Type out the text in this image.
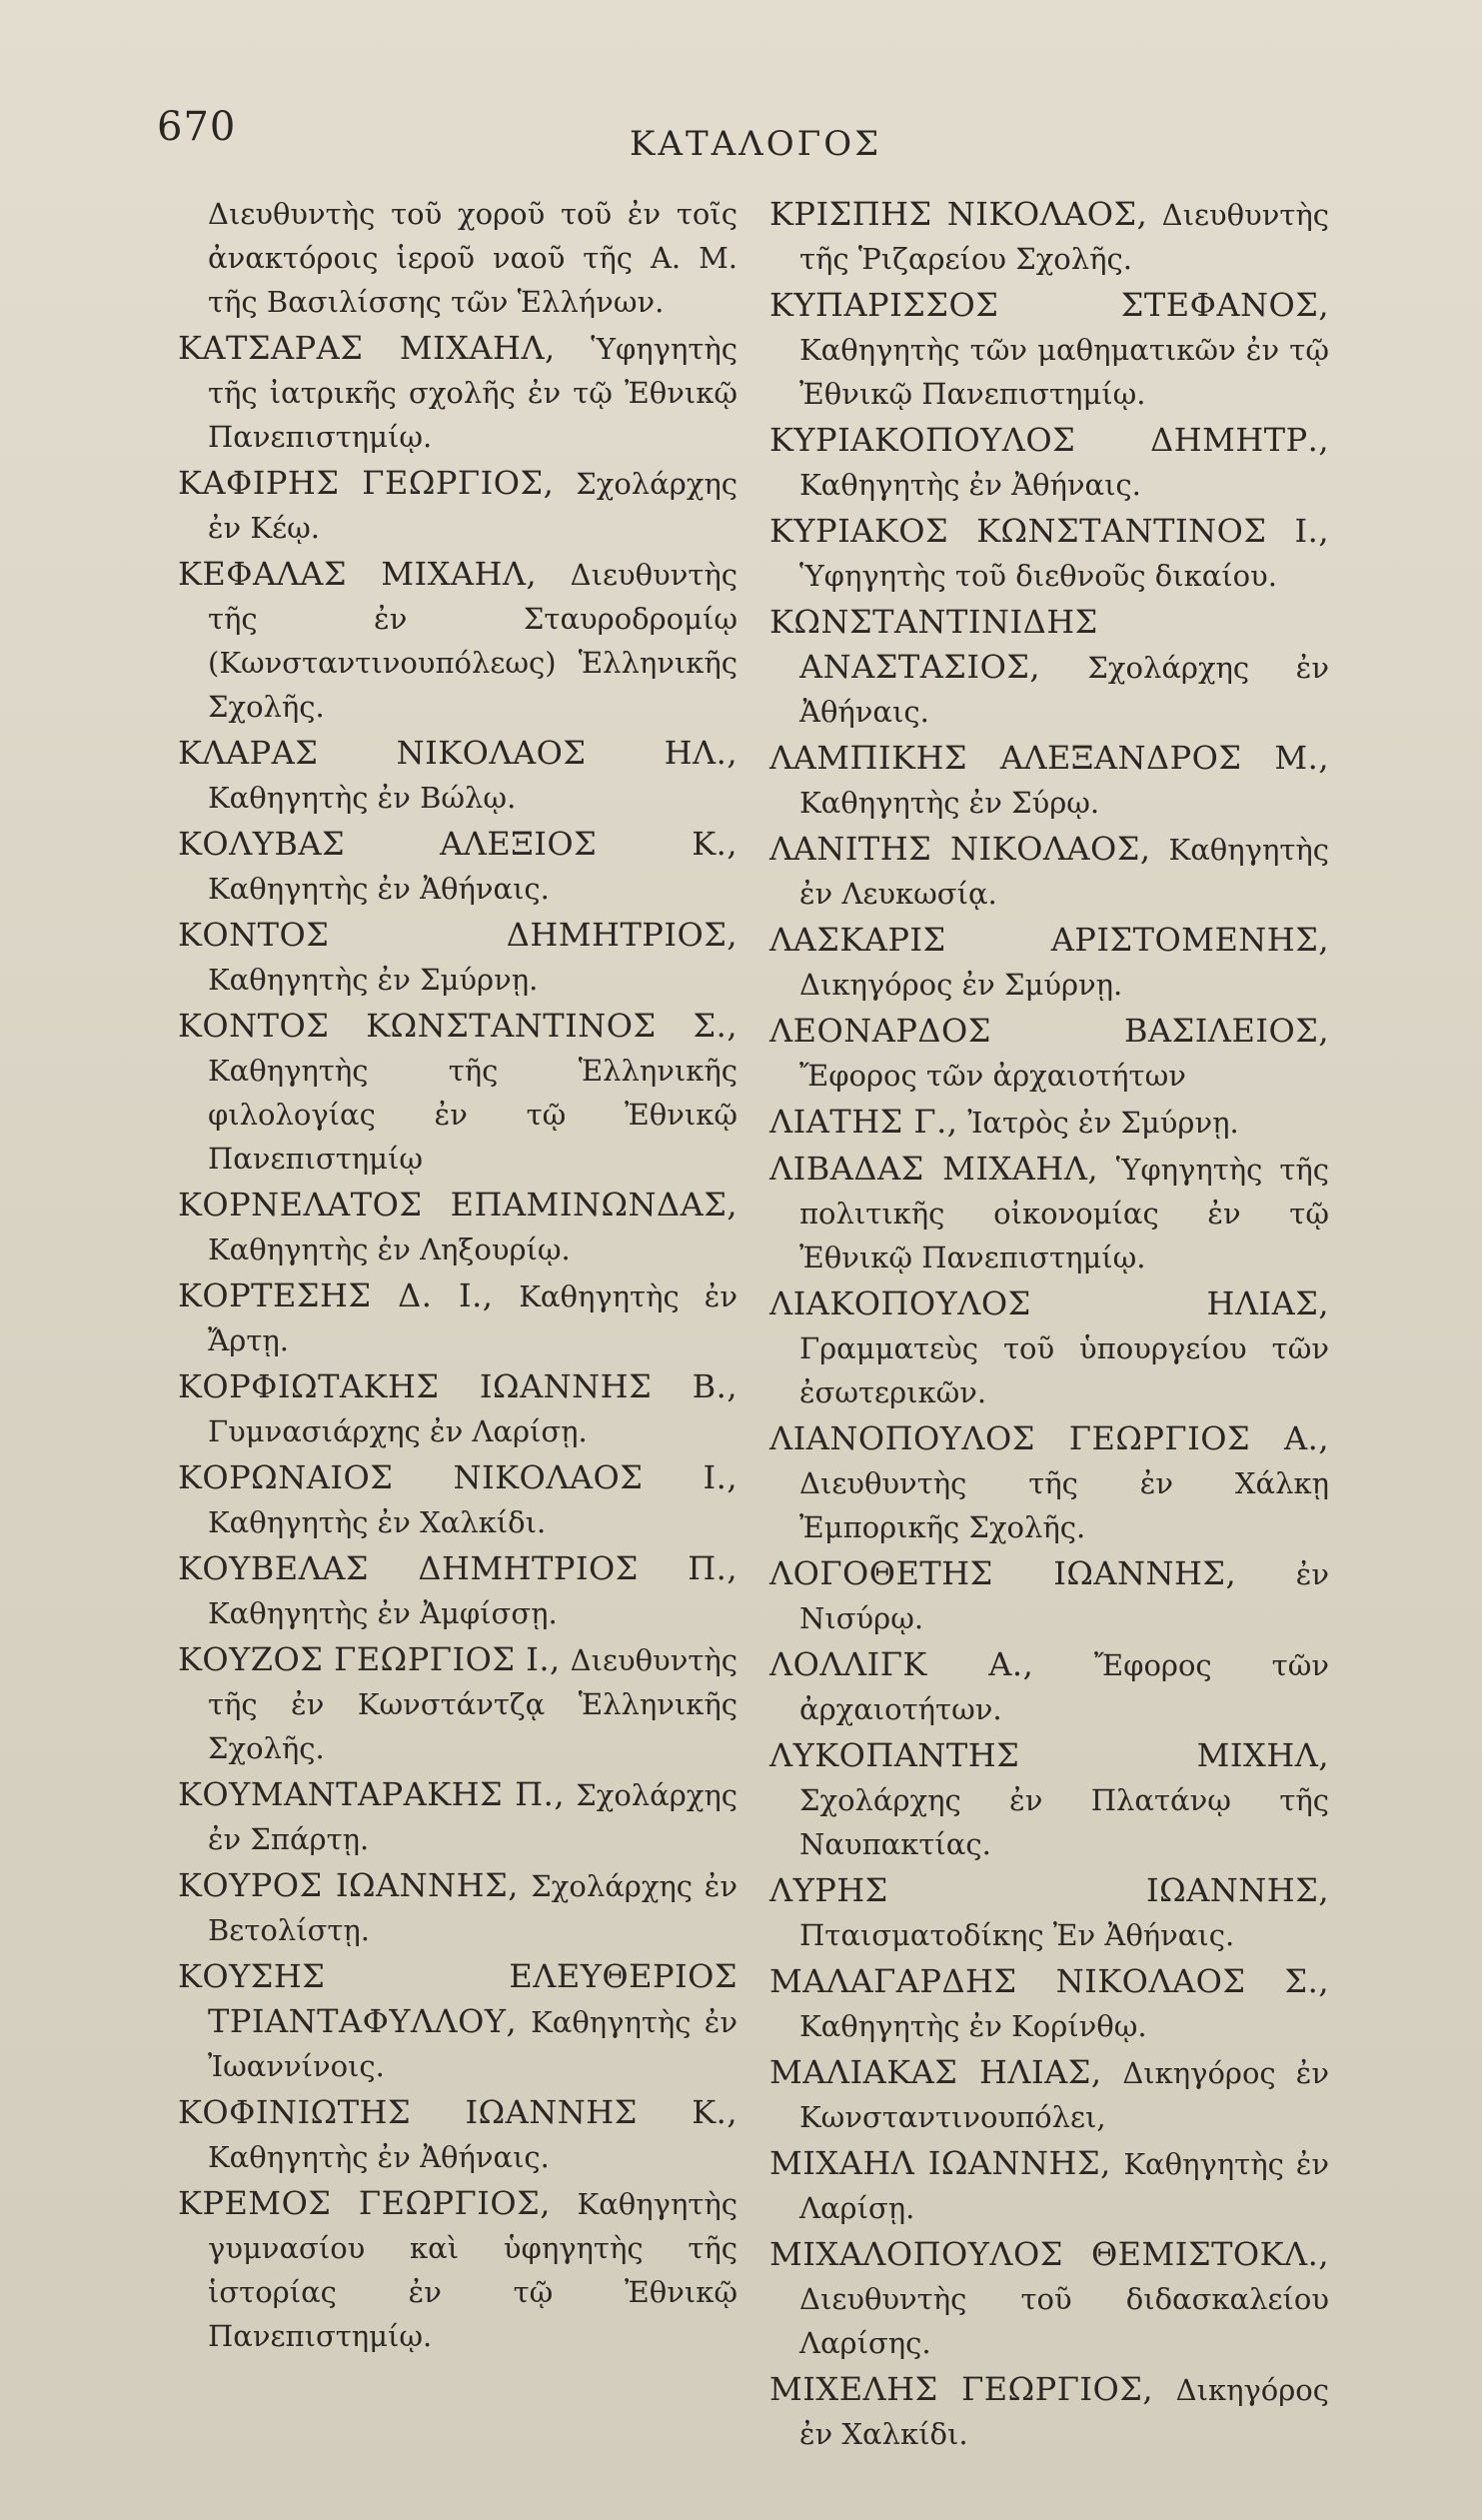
670	ΚΑΤΑΛΟΓΟΣ

Διευθυντὴς τοῦ χοροῦ τοῦ ἐν τοῖς ἀνακτόροις ἱεροῦ ναοῦ τῆς Α. Μ. τῆς Βασιλίσσης τῶν Ἑλλήνων.

ΚΑΤΣΑΡΑΣ ΜΙΧΑΗΛ, Ὑφηγητὴς τῆς ἰατρικῆς σχολῆς ἐν τῷ Ἐθνικῷ Πανεπιστημίῳ.

ΚΑΦΙΡΗΣ ΓΕΩΡΓΙΟΣ, Σχολάρχης ἐν Κέῳ.

ΚΕΦΑΛΑΣ ΜΙΧΑΗΛ, Διευθυντὴς τῆς ἐν Σταυροδρομίῳ (Κωνσταντινουπόλεως) Ἑλληνικῆς Σχολῆς.

ΚΛΑΡΑΣ ΝΙΚΟΛΑΟΣ ΗΛ., Καθηγητὴς ἐν Βώλῳ.

ΚΟΛΥΒΑΣ ΑΛΕΞΙΟΣ Κ., Καθηγητὴς ἐν Ἀθήναις.

ΚΟΝΤΟΣ ΔΗΜΗΤΡΙΟΣ, Καθηγητὴς ἐν Σμύρνῃ.

ΚΟΝΤΟΣ ΚΩΝΣΤΑΝΤΙΝΟΣ Σ., Καθηγητὴς τῆς Ἑλληνικῆς φιλολογίας ἐν τῷ Ἐθνικῷ Πανεπιστημίῳ

ΚΟΡΝΕΛΑΤΟΣ ΕΠΑΜΙΝΩΝΔΑΣ, Καθηγητὴς ἐν Ληξουρίῳ.

ΚΟΡΤΕΣΗΣ Δ. Ι., Καθηγητὴς ἐν Ἄρτῃ.

ΚΟΡΦΙΩΤΑΚΗΣ ΙΩΑΝΝΗΣ Β., Γυμνασιάρχης ἐν Λαρίσῃ.

ΚΟΡΩΝΑΙΟΣ ΝΙΚΟΛΑΟΣ Ι., Καθηγητὴς ἐν Χαλκίδι.

ΚΟΥΒΕΛΑΣ ΔΗΜΗΤΡΙΟΣ Π., Καθηγητὴς ἐν Ἀμφίσσῃ.

ΚΟΥΖΟΣ ΓΕΩΡΓΙΟΣ Ι., Διευθυντὴς τῆς ἐν Κωνστάντζᾳ Ἑλληνικῆς Σχολῆς.

ΚΟΥΜΑΝΤΑΡΑΚΗΣ Π., Σχολάρχης ἐν Σπάρτῃ.

ΚΟΥΡΟΣ ΙΩΑΝΝΗΣ, Σχολάρχης ἐν Βετολίστῃ.

ΚΟΥΣΗΣ ΕΛΕΥΘΕΡΙΟΣ ΤΡΙΑΝΤΑΦΥΛΛΟΥ, Καθηγητὴς ἐν Ἰωαννίνοις.

ΚΟΦΙΝΙΩΤΗΣ ΙΩΑΝΝΗΣ Κ., Καθηγητὴς ἐν Ἀθήναις.

ΚΡΕΜΟΣ ΓΕΩΡΓΙΟΣ, Καθηγητὴς γυμνασίου καὶ ὑφηγητὴς τῆς ἱστορίας ἐν τῷ Ἐθνικῷ Πανεπιστημίῳ.

ΚΡΙΣΠΗΣ ΝΙΚΟΛΑΟΣ, Διευθυντὴς τῆς Ῥιζαρείου Σχολῆς.

ΚΥΠΑΡΙΣΣΟΣ ΣΤΕΦΑΝΟΣ, Καθηγητὴς τῶν μαθηματικῶν ἐν τῷ Ἐθνικῷ Πανεπιστημίῳ.

ΚΥΡΙΑΚΟΠΟΥΛΟΣ ΔΗΜΗΤΡ., Καθηγητὴς ἐν Ἀθήναις.

ΚΥΡΙΑΚΟΣ ΚΩΝΣΤΑΝΤΙΝΟΣ Ι., Ὑφηγητὴς τοῦ διεθνοῦς δικαίου.

ΚΩΝΣΤΑΝΤΙΝΙΔΗΣ ΑΝΑΣΤΑΣΙΟΣ, Σχολάρχης ἐν Ἀθήναις.

ΛΑΜΠΙΚΗΣ ΑΛΕΞΑΝΔΡΟΣ Μ., Καθηγητὴς ἐν Σύρῳ.

ΛΑΝΙΤΗΣ ΝΙΚΟΛΑΟΣ, Καθηγητὴς ἐν Λευκωσίᾳ.

ΛΑΣΚΑΡΙΣ ΑΡΙΣΤΟΜΕΝΗΣ, Δικηγόρος ἐν Σμύρνῃ.

ΛΕΟΝΑΡΔΟΣ ΒΑΣΙΛΕΙΟΣ, Ἔφορος τῶν ἀρχαιοτήτων

ΛΙΑΤΗΣ Γ., Ἰατρὸς ἐν Σμύρνῃ.

ΛΙΒΑΔΑΣ ΜΙΧΑΗΛ, Ὑφηγητὴς τῆς πολιτικῆς οἰκονομίας ἐν τῷ Ἐθνικῷ Πανεπιστημίῳ.

ΛΙΑΚΟΠΟΥΛΟΣ ΗΛΙΑΣ, Γραμματεὺς τοῦ ὑπουργείου τῶν ἐσωτερικῶν.

ΛΙΑΝΟΠΟΥΛΟΣ ΓΕΩΡΓΙΟΣ Α., Διευθυντὴς τῆς ἐν Χάλκῃ Ἐμπορικῆς Σχολῆς.

ΛΟΓΟΘΕΤΗΣ ΙΩΑΝΝΗΣ, ἐν Νισύρῳ.

ΛΟΛΛΙΓΚ Α., Ἔφορος τῶν ἀρχαιοτήτων.

ΛΥΚΟΠΑΝΤΗΣ ΜΙΧΗΛ, Σχολάρχης ἐν Πλατάνῳ τῆς Ναυπακτίας.

ΛΥΡΗΣ ΙΩΑΝΝΗΣ, Πταισματοδίκης Ἐν Ἀθήναις.

ΜΑΛΑΓΑΡΔΗΣ ΝΙΚΟΛΑΟΣ Σ., Καθηγητὴς ἐν Κορίνθῳ.

ΜΑΛΙΑΚΑΣ ΗΛΙΑΣ, Δικηγόρος ἐν Κωνσταντινουπόλει,

ΜΙΧΑΗΛ ΙΩΑΝΝΗΣ, Καθηγητὴς ἐν Λαρίσῃ.

ΜΙΧΑΛΟΠΟΥΛΟΣ ΘΕΜΙΣΤΟΚΛ., Διευθυντὴς τοῦ διδασκαλείου Λαρίσης.

ΜΙΧΕΛΗΣ ΓΕΩΡΓΙΟΣ, Δικηγόρος ἐν Χαλκίδι.
